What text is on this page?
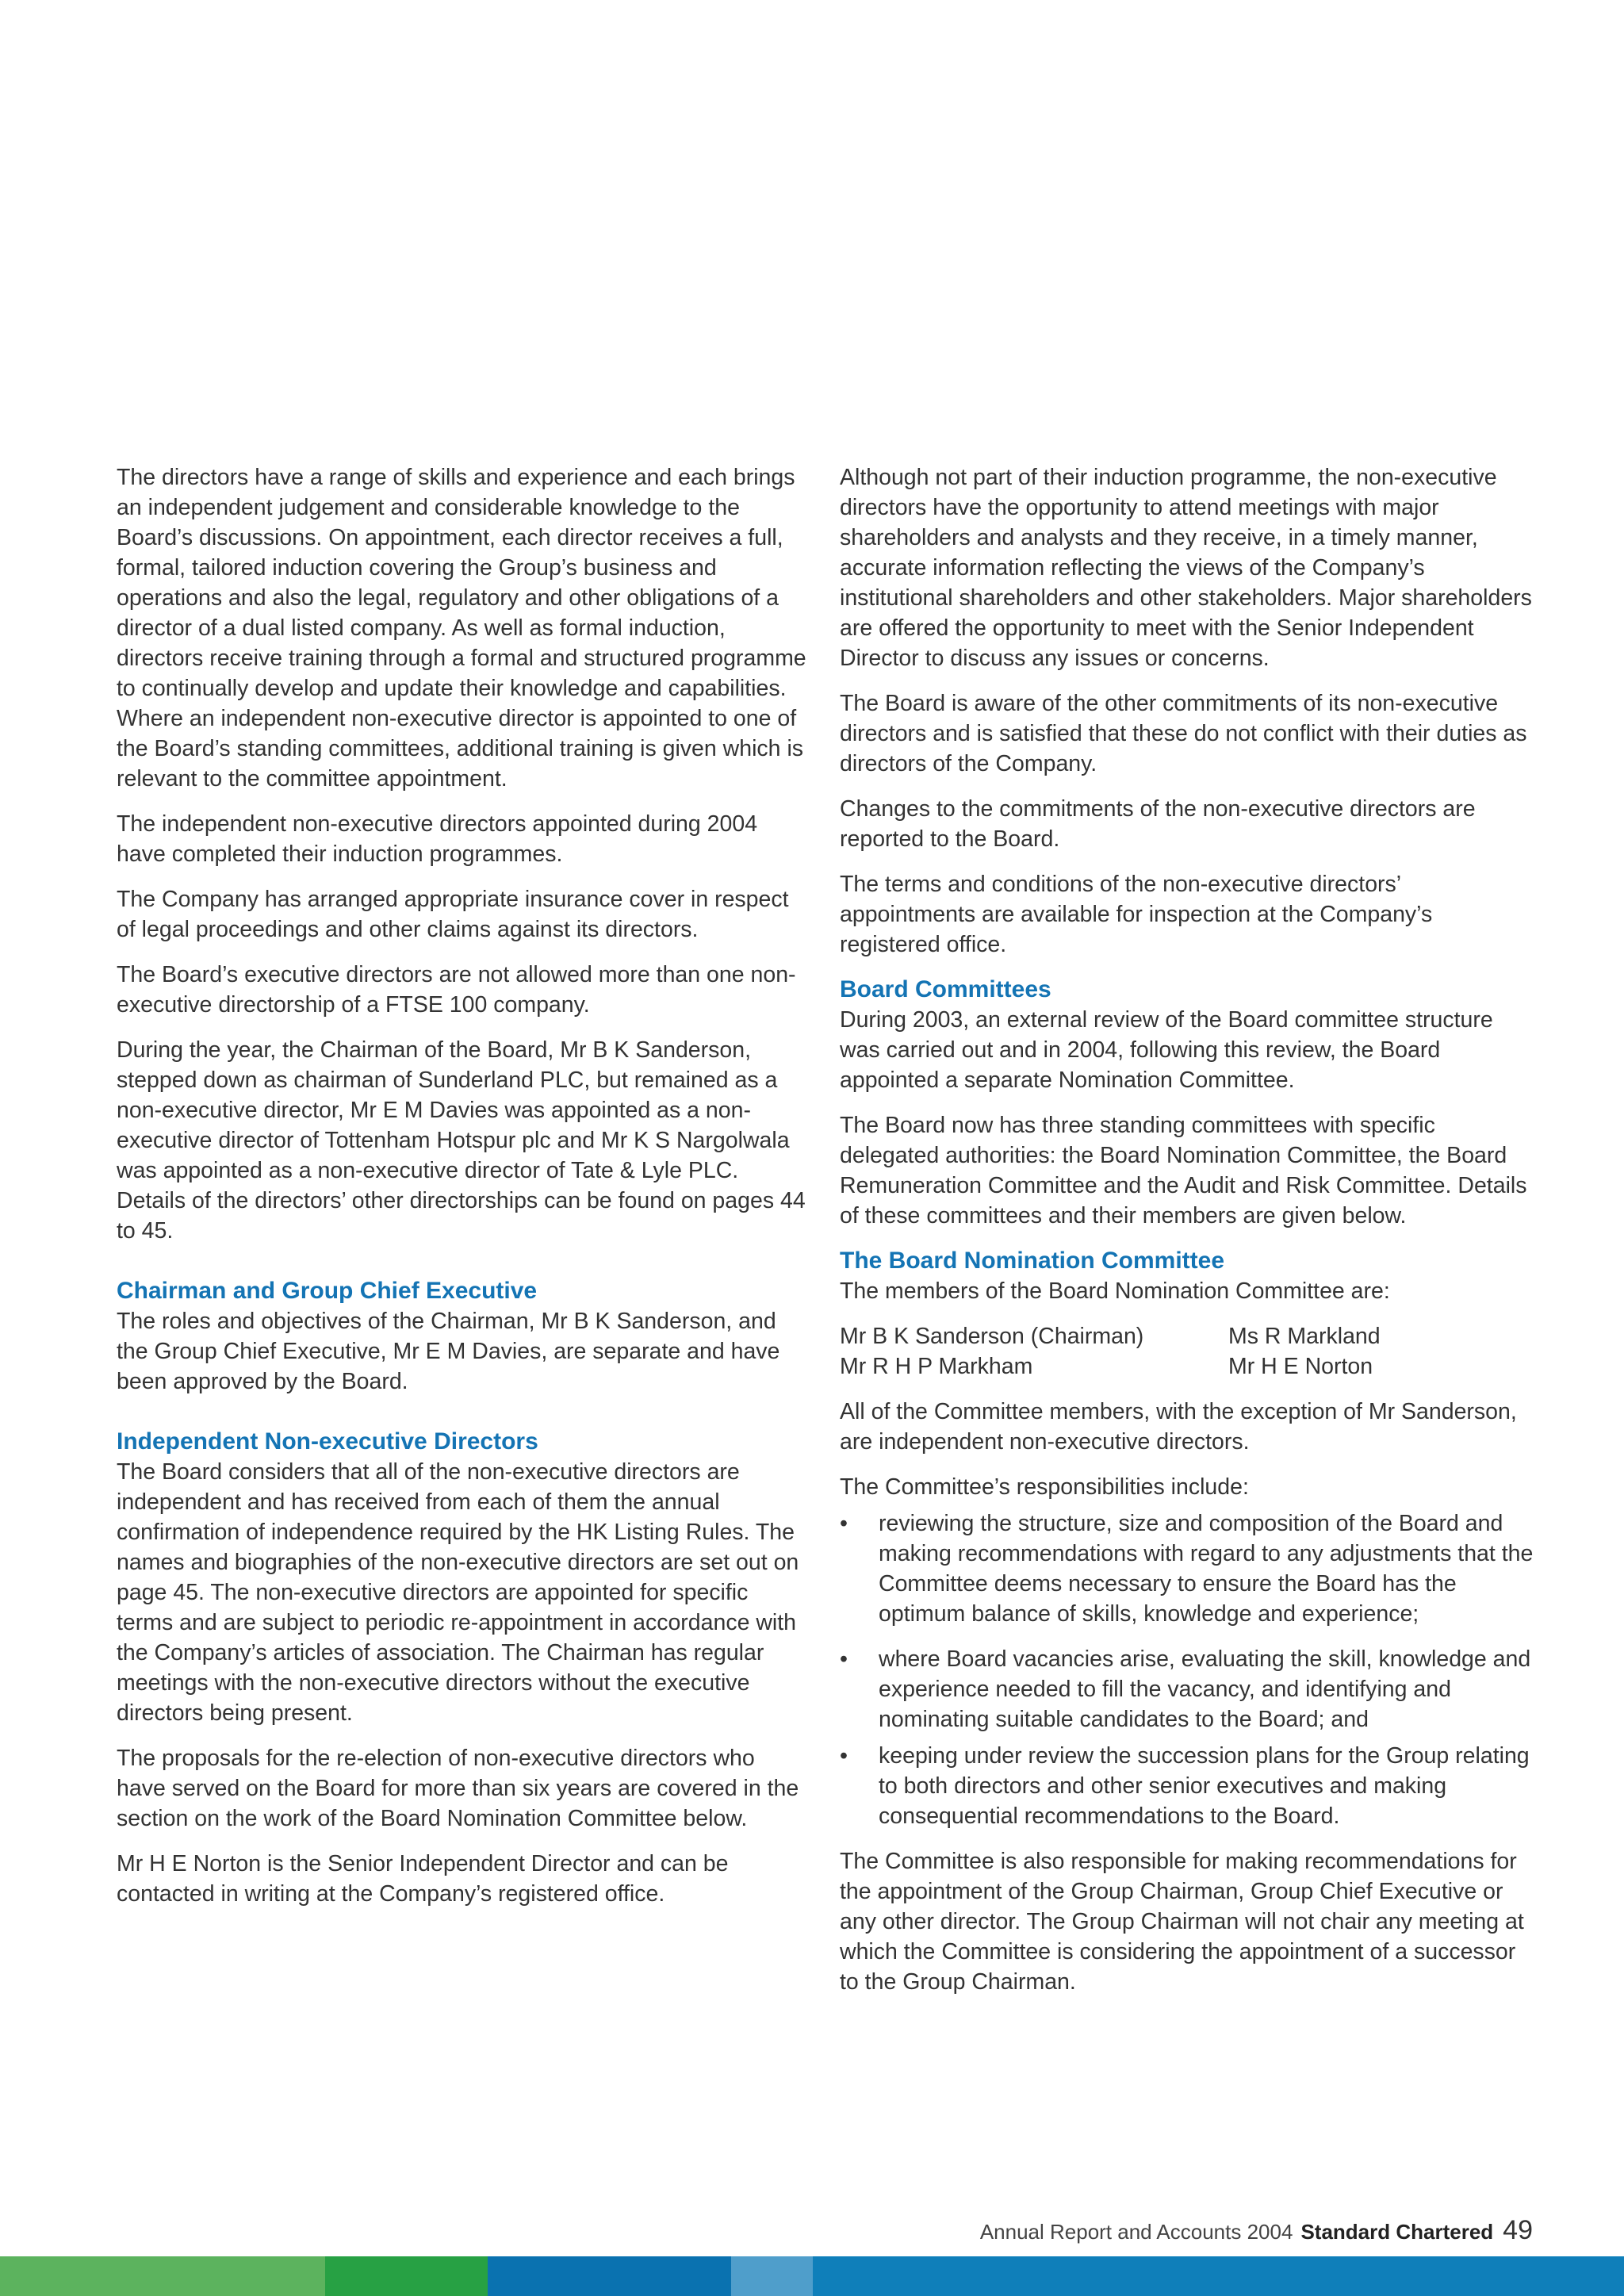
The directors have a range of skills and experience and each brings an independent judgement and considerable knowledge to the Board’s discussions. On appointment, each director receives a full, formal, tailored induction covering the Group’s business and operations and also the legal, regulatory and other obligations of a director of a dual listed company. As well as formal induction, directors receive training through a formal and structured programme to continually develop and update their knowledge and capabilities. Where an independent non-executive director is appointed to one of the Board’s standing committees, additional training is given which is relevant to the committee appointment.

The independent non-executive directors appointed during 2004 have completed their induction programmes.

The Company has arranged appropriate insurance cover in respect of legal proceedings and other claims against its directors.

The Board’s executive directors are not allowed more than one non-executive directorship of a FTSE 100 company.

During the year, the Chairman of the Board, Mr B K Sanderson, stepped down as chairman of Sunderland PLC, but remained as a non-executive director, Mr E M Davies was appointed as a non-executive director of Tottenham Hotspur plc and Mr K S Nargolwala was appointed as a non-executive director of Tate & Lyle PLC. Details of the directors’ other directorships can be found on pages 44 to 45.

Chairman and Group Chief Executive

The roles and objectives of the Chairman, Mr B K Sanderson, and the Group Chief Executive, Mr E M Davies, are separate and have been approved by the Board.

Independent Non-executive Directors

The Board considers that all of the non-executive directors are independent and has received from each of them the annual confirmation of independence required by the HK Listing Rules. The names and biographies of the non-executive directors are set out on page 45. The non-executive directors are appointed for specific terms and are subject to periodic re-appointment in accordance with the Company’s articles of association. The Chairman has regular meetings with the non-executive directors without the executive directors being present.

The proposals for the re-election of non-executive directors who have served on the Board for more than six years are covered in the section on the work of the Board Nomination Committee below.

Mr H E Norton is the Senior Independent Director and can be contacted in writing at the Company’s registered office.

Although not part of their induction programme, the non-executive directors have the opportunity to attend meetings with major shareholders and analysts and they receive, in a timely manner, accurate information reflecting the views of the Company’s institutional shareholders and other stakeholders. Major shareholders are offered the opportunity to meet with the Senior Independent Director to discuss any issues or concerns.

The Board is aware of the other commitments of its non-executive directors and is satisfied that these do not conflict with their duties as directors of the Company.

Changes to the commitments of the non-executive directors are reported to the Board.

The terms and conditions of the non-executive directors’ appointments are available for inspection at the Company’s registered office.

Board Committees

During 2003, an external review of the Board committee structure was carried out and in 2004, following this review, the Board appointed a separate Nomination Committee.

The Board now has three standing committees with specific delegated authorities: the Board Nomination Committee, the Board Remuneration Committee and the Audit and Risk Committee. Details of these committees and their members are given below.

The Board Nomination Committee

The members of the Board Nomination Committee are:

Mr B K Sanderson (Chairman)	Ms R Markland
Mr R H P Markham	Mr H E Norton

All of the Committee members, with the exception of Mr Sanderson, are independent non-executive directors.

The Committee’s responsibilities include:

• reviewing the structure, size and composition of the Board and making recommendations with regard to any adjustments that the Committee deems necessary to ensure the Board has the optimum balance of skills, knowledge and experience;
• where Board vacancies arise, evaluating the skill, knowledge and experience needed to fill the vacancy, and identifying and nominating suitable candidates to the Board; and
• keeping under review the succession plans for the Group relating to both directors and other senior executives and making consequential recommendations to the Board.

The Committee is also responsible for making recommendations for the appointment of the Group Chairman, Group Chief Executive or any other director. The Group Chairman will not chair any meeting at which the Committee is considering the appointment of a successor to the Group Chairman.

Annual Report and Accounts 2004 Standard Chartered 49
